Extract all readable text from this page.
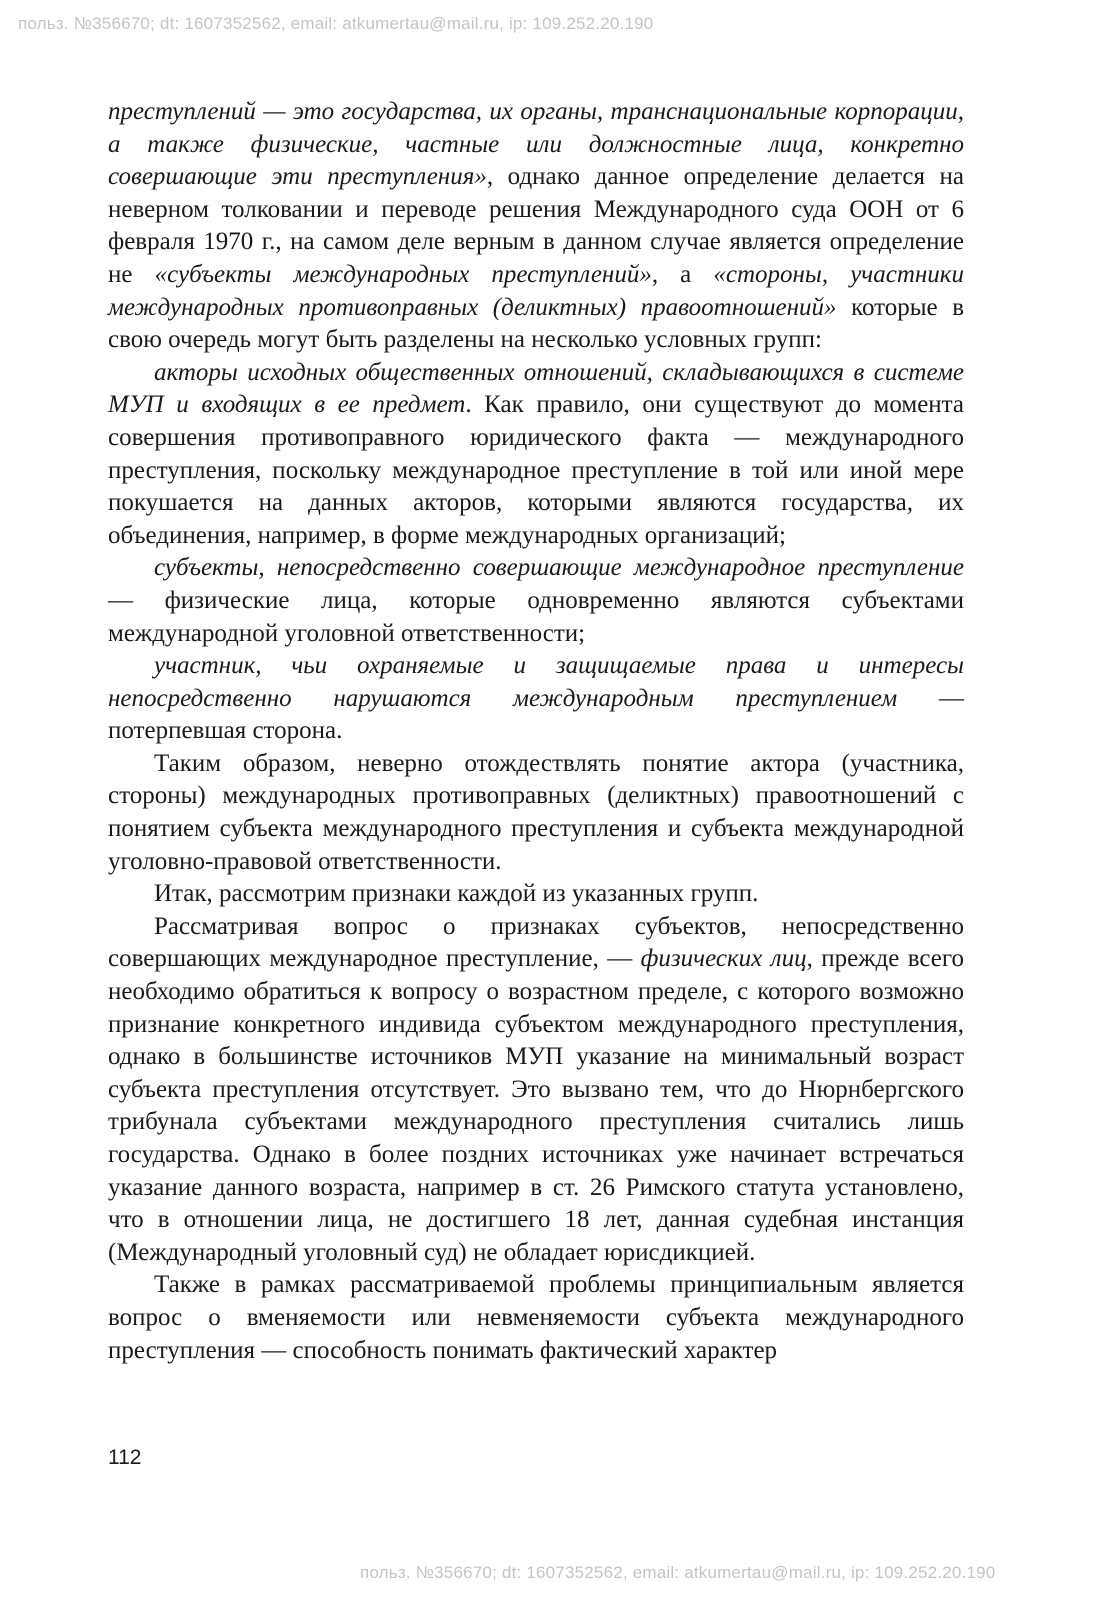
польз. №356670; dt: 1607352562, email: atkumertau@mail.ru, ip: 109.252.20.190

преступлений — это государства, их органы, транснациональные корпорации, а также физические, частные или должностные лица, конкретно совершающие эти преступления», однако данное определение делается на неверном толковании и переводе решения Международного суда ООН от 6 февраля 1970 г., на самом деле верным в данном случае является определение не «субъекты международных преступлений», а «стороны, участники международных противоправных (деликтных) правоотношений» которые в свою очередь могут быть разделены на несколько условных групп:

акторы исходных общественных отношений, складывающихся в системе МУП и входящих в ее предмет. Как правило, они существуют до момента совершения противоправного юридического факта — международного преступления, поскольку международное преступление в той или иной мере покушается на данных акторов, которыми являются государства, их объединения, например, в форме международных организаций;

субъекты, непосредственно совершающие международное преступление — физические лица, которые одновременно являются субъектами международной уголовной ответственности;

участник, чьи охраняемые и защищаемые права и интересы непосредственно нарушаются международным преступлением — потерпевшая сторона.

Таким образом, неверно отождествлять понятие актора (участника, стороны) международных противоправных (деликтных) правоотношений с понятием субъекта международного преступления и субъекта международной уголовно-правовой ответственности.

Итак, рассмотрим признаки каждой из указанных групп.

Рассматривая вопрос о признаках субъектов, непосредственно совершающих международное преступление, — физических лиц, прежде всего необходимо обратиться к вопросу о возрастном пределе, с которого возможно признание конкретного индивида субъектом международного преступления, однако в большинстве источников МУП указание на минимальный возраст субъекта преступления отсутствует. Это вызвано тем, что до Нюрнбергского трибунала субъектами международного преступления считались лишь государства. Однако в более поздних источниках уже начинает встречаться указание данного возраста, например в ст. 26 Римского статута установлено, что в отношении лица, не достигшего 18 лет, данная судебная инстанция (Международный уголовный суд) не обладает юрисдикцией.

Также в рамках рассматриваемой проблемы принципиальным является вопрос о вменяемости или невменяемости субъекта международного преступления — способность понимать фактический характер

112
польз. №356670; dt: 1607352562, email: atkumertau@mail.ru, ip: 109.252.20.190
